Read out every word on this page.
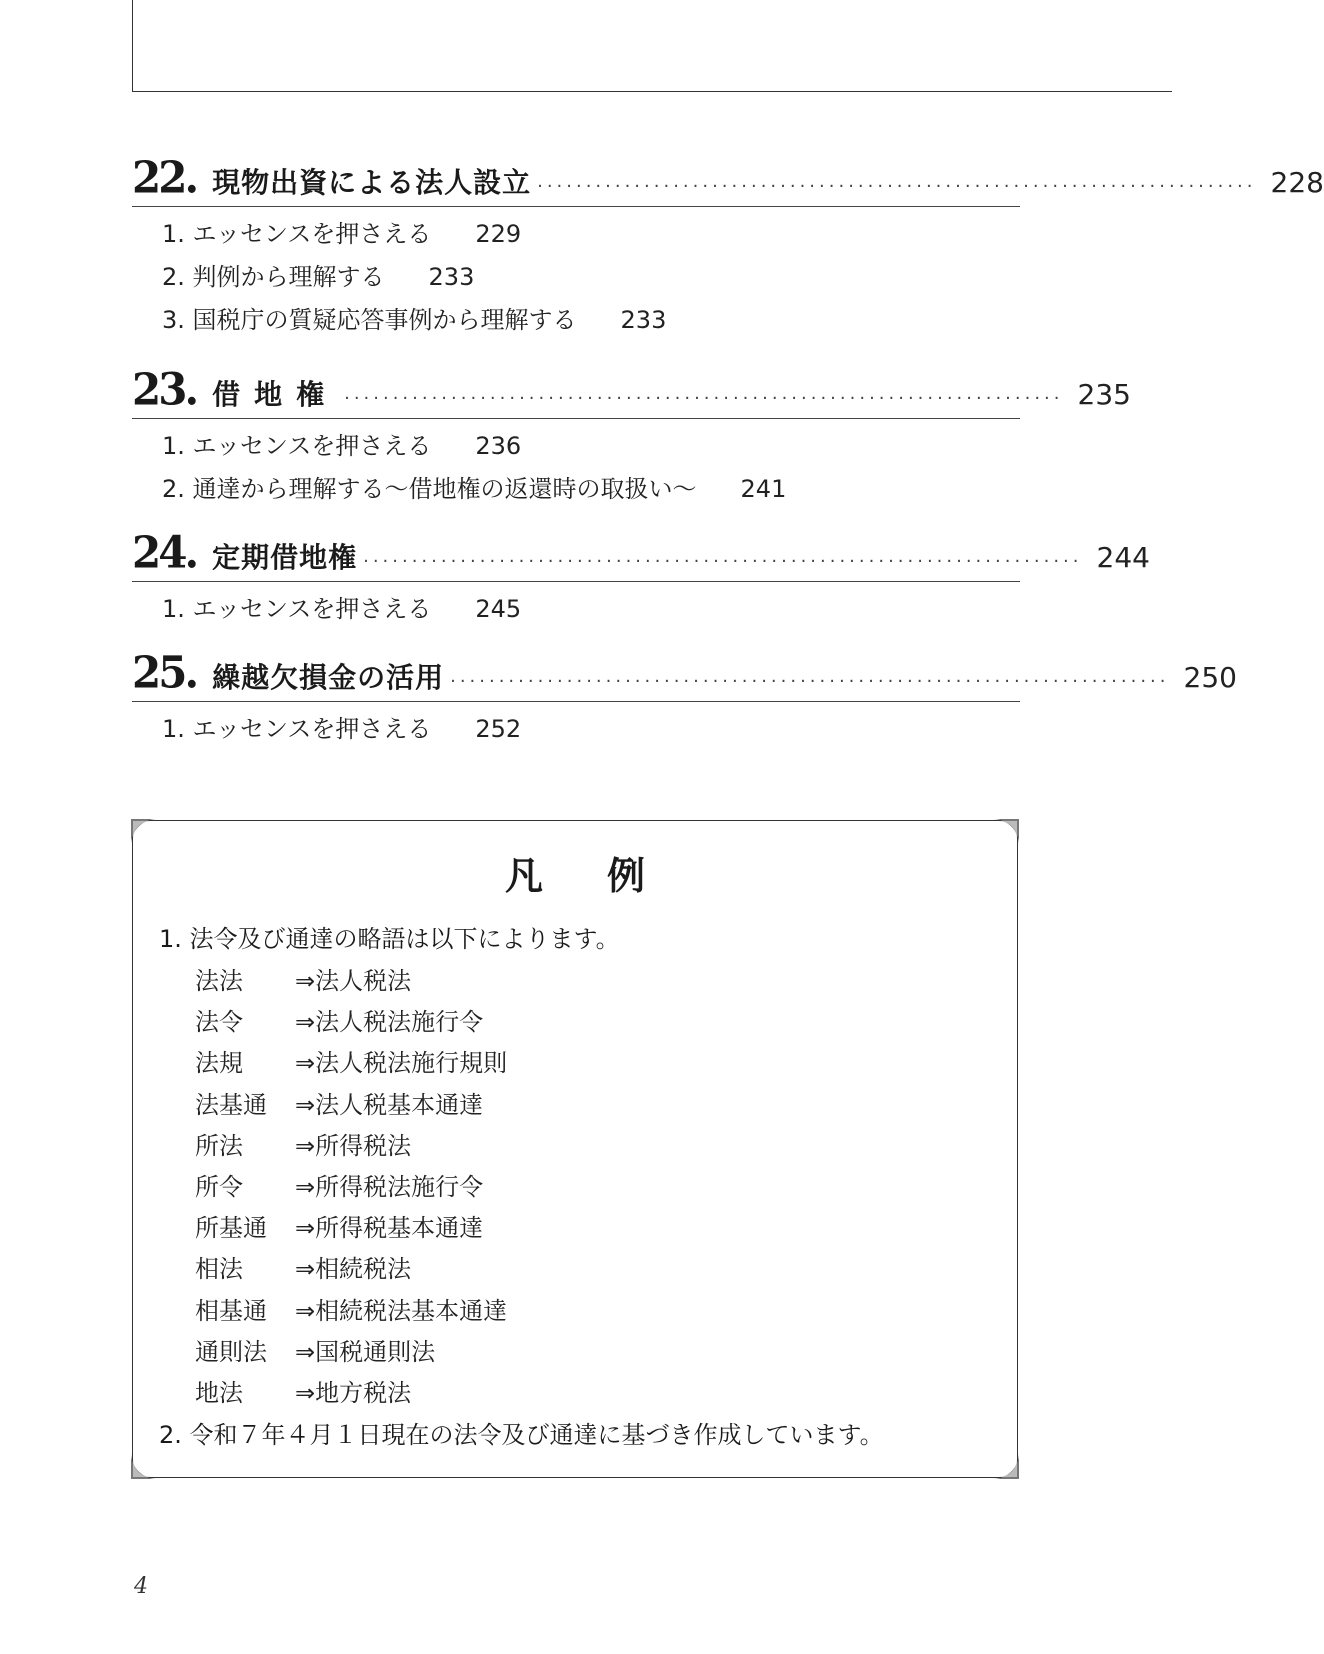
22. 現物出資による法人設立 ·········································································· 228
1. エッセンスを押さえる 229
2. 判例から理解する 233
3. 国税庁の質疑応答事例から理解する 233
23. 借地権 ·········································································· 235
1. エッセンスを押さえる 236
2. 通達から理解する～借地権の返還時の取扱い～ 241
24. 定期借地権 ·········································································· 244
1. エッセンスを押さえる 245
25. 繰越欠損金の活用 ·········································································· 250
1. エッセンスを押さえる 252
凡例
1. 法令及び通達の略語は以下によります。
法法 ⇒法人税法
法令 ⇒法人税法施行令
法規 ⇒法人税法施行規則
法基通 ⇒法人税基本通達
所法 ⇒所得税法
所令 ⇒所得税法施行令
所基通 ⇒所得税基本通達
相法 ⇒相続税法
相基通 ⇒相続税法基本通達
通則法 ⇒国税通則法
地法 ⇒地方税法
2. 令和７年４月１日現在の法令及び通達に基づき作成しています。
4
